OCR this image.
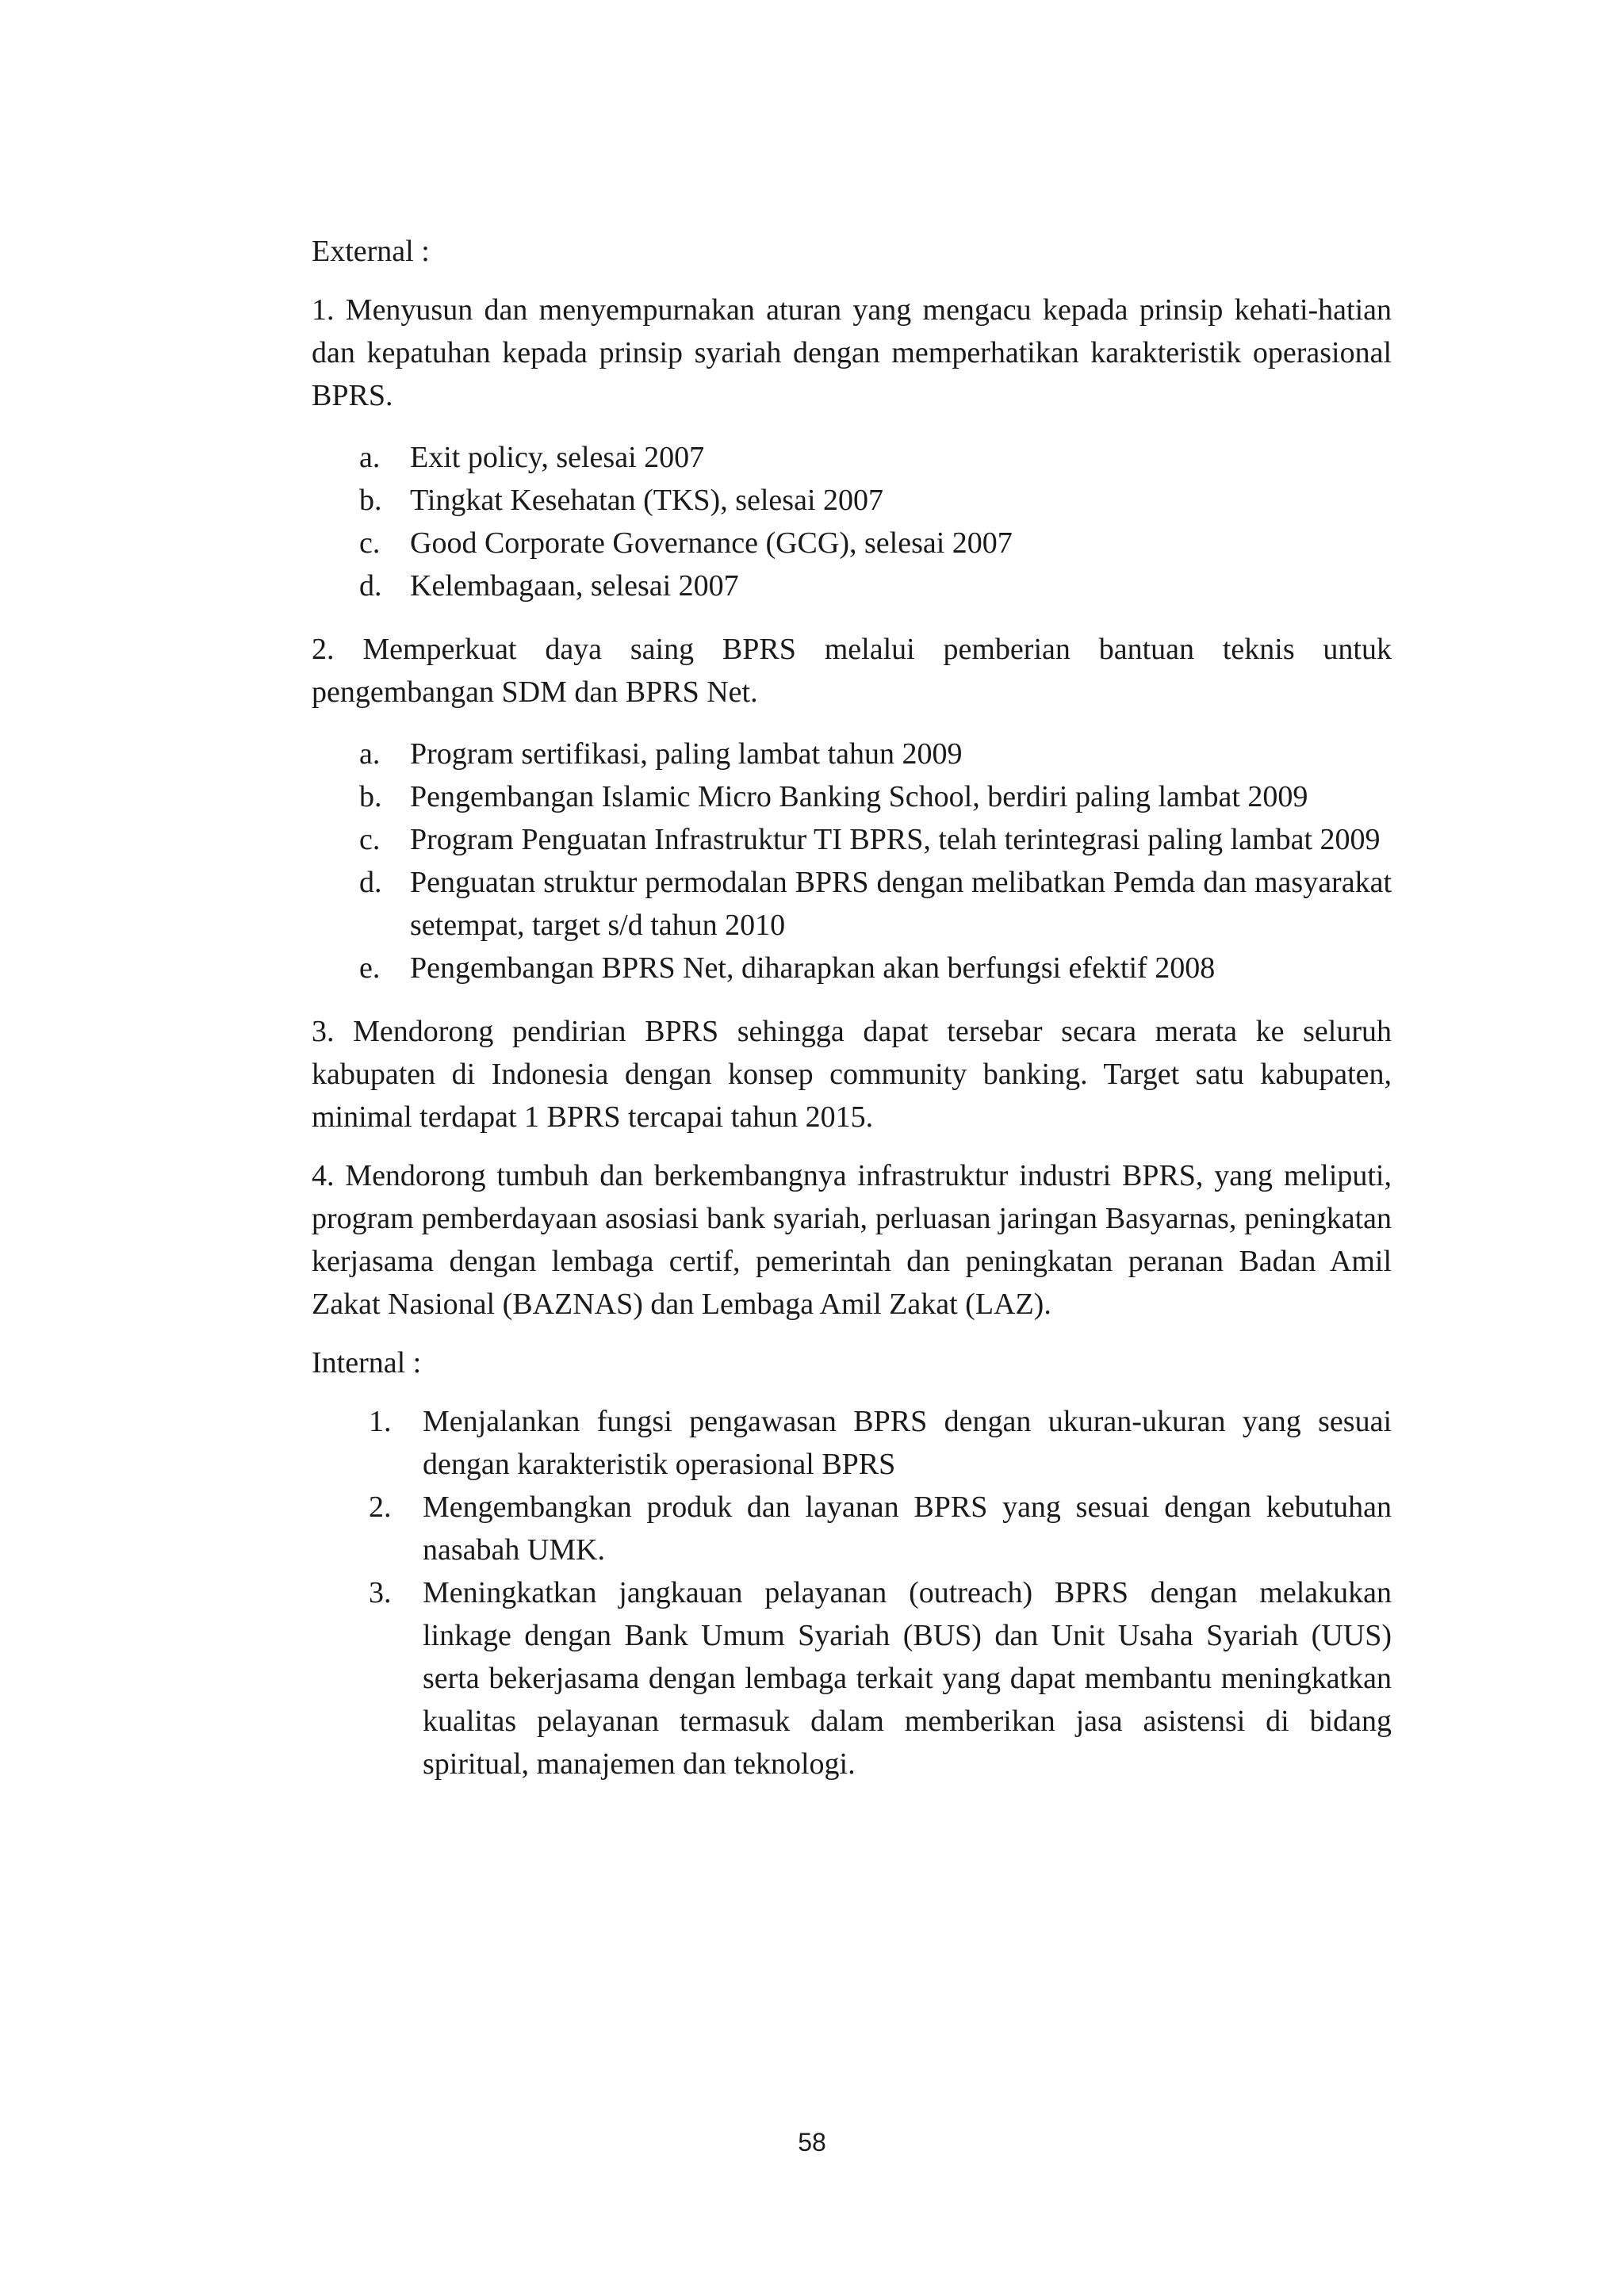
External :

1. Menyusun dan menyempurnakan aturan yang mengacu kepada prinsip kehati-hatian dan kepatuhan kepada prinsip syariah dengan memperhatikan karakteristik operasional BPRS.

a. Exit policy, selesai 2007
b. Tingkat Kesehatan (TKS), selesai 2007
c. Good Corporate Governance (GCG), selesai 2007
d. Kelembagaan, selesai 2007

2. Memperkuat daya saing BPRS melalui pemberian bantuan teknis untuk pengembangan SDM dan BPRS Net.

a. Program sertifikasi, paling lambat tahun 2009
b. Pengembangan Islamic Micro Banking School, berdiri paling lambat 2009
c. Program Penguatan Infrastruktur TI BPRS, telah terintegrasi paling lambat 2009
d. Penguatan struktur permodalan BPRS dengan melibatkan Pemda dan masyarakat setempat, target s/d tahun 2010
e. Pengembangan BPRS Net, diharapkan akan berfungsi efektif 2008

3. Mendorong pendirian BPRS sehingga dapat tersebar secara merata ke seluruh kabupaten di Indonesia dengan konsep community banking. Target satu kabupaten, minimal terdapat 1 BPRS tercapai tahun 2015.

4. Mendorong tumbuh dan berkembangnya infrastruktur industri BPRS, yang meliputi, program pemberdayaan asosiasi bank syariah, perluasan jaringan Basyarnas, peningkatan kerjasama dengan lembaga certif, pemerintah dan peningkatan peranan Badan Amil Zakat Nasional (BAZNAS) dan Lembaga Amil Zakat (LAZ).

Internal :

1.	Menjalankan fungsi pengawasan BPRS dengan ukuran-ukuran yang sesuai dengan karakteristik operasional BPRS
2.	Mengembangkan produk dan layanan BPRS yang sesuai dengan kebutuhan nasabah UMK.
3.	Meningkatkan jangkauan pelayanan (outreach) BPRS dengan melakukan linkage dengan Bank Umum Syariah (BUS) dan Unit Usaha Syariah (UUS) serta bekerjasama dengan lembaga terkait yang dapat membantu meningkatkan kualitas pelayanan termasuk dalam memberikan jasa asistensi di bidang spiritual, manajemen dan teknologi.
58
